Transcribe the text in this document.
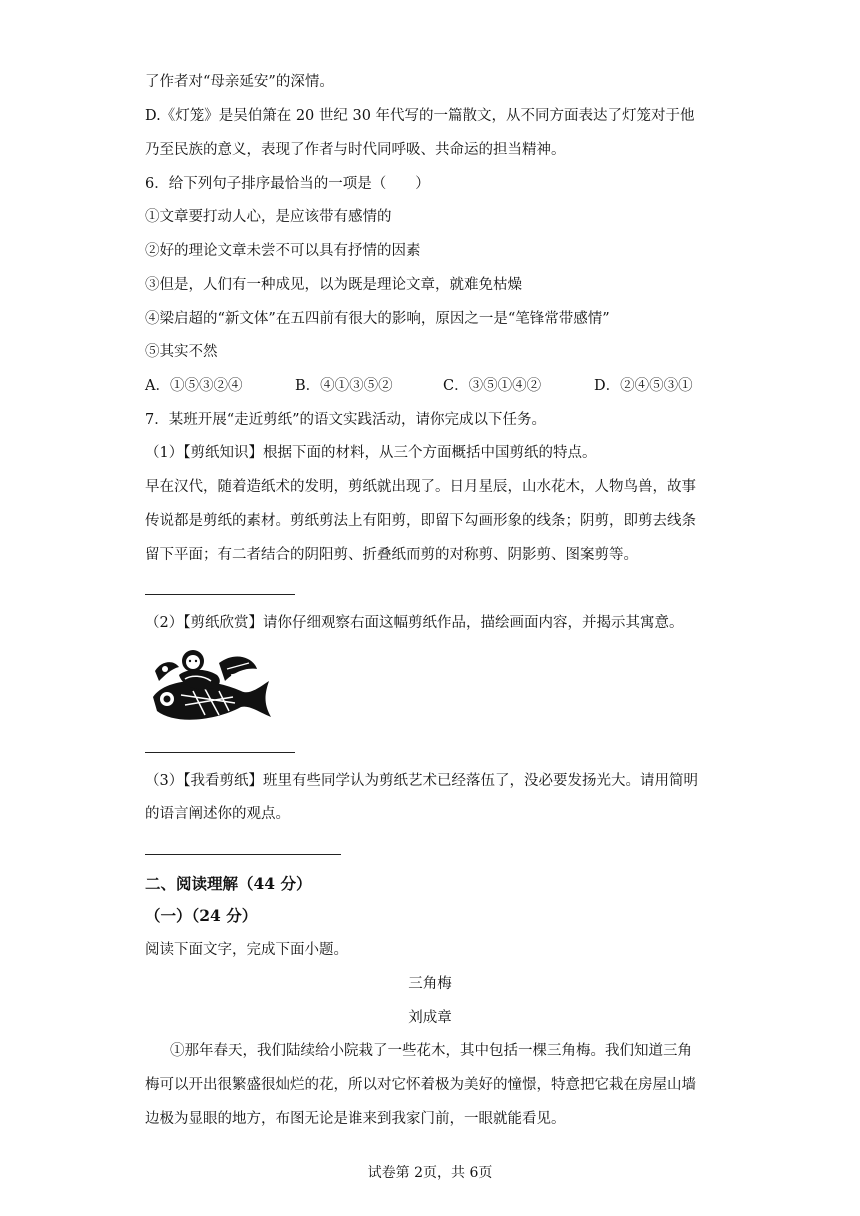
了作者对“母亲延安”的深情。
D.《灯笼》是吴伯箫在 20 世纪 30 年代写的一篇散文，从不同方面表达了灯笼对于他
乃至民族的意义，表现了作者与时代同呼吸、共命运的担当精神。
6．给下列句子排序最恰当的一项是（　　）
①文章要打动人心，是应该带有感情的
②好的理论文章未尝不可以具有抒情的因素
③但是，人们有一种成见，以为既是理论文章，就难免枯燥
④梁启超的“新文体”在五四前有很大的影响，原因之一是“笔锋常带感情”
⑤其实不然
A．①⑤③②④	B．④①③⑤②	C．③⑤①④②	D．②④⑤③①
7．某班开展“走近剪纸”的语文实践活动，请你完成以下任务。
（1）【剪纸知识】根据下面的材料，从三个方面概括中国剪纸的特点。
早在汉代，随着造纸术的发明，剪纸就出现了。日月星辰，山水花木，人物鸟兽，故事
传说都是剪纸的素材。剪纸剪法上有阳剪，即留下勾画形象的线条；阴剪，即剪去线条
留下平面；有二者结合的阴阳剪、折叠纸而剪的对称剪、阴影剪、图案剪等。
（2）【剪纸欣赏】请你仔细观察右面这幅剪纸作品，描绘画面内容，并揭示其寓意。
（3）【我看剪纸】班里有些同学认为剪纸艺术已经落伍了，没必要发扬光大。请用简明
的语言阐述你的观点。
二、阅读理解（44 分）
（一）（24 分）
阅读下面文字，完成下面小题。
三角梅
刘成章
①那年春天，我们陆续给小院栽了一些花木，其中包括一棵三角梅。我们知道三角
梅可以开出很繁盛很灿烂的花，所以对它怀着极为美好的憧憬，特意把它栽在房屋山墙
边极为显眼的地方，布图无论是谁来到我家门前，一眼就能看见。
试卷第 2页，共 6页
